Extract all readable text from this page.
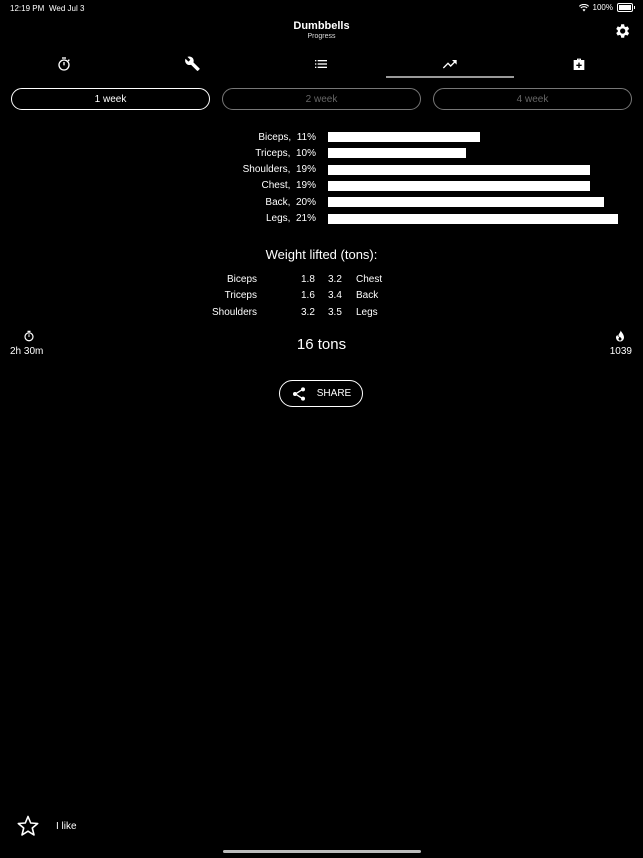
12:19 PM Wed Jul 3	100%
Dumbbells
Progress
1 week	2 week	4 week
Biceps, 11%
Triceps, 10%
Shoulders, 19%
Chest, 19%
Back, 20%
Legs, 21%
Weight lifted (tons):
Biceps	1.8 3.2 Chest
Triceps	1.6 3.4 Back
Shoulders	3.2 3.5 Legs
2h 30m	16 tons	1039
SHARE
I like
